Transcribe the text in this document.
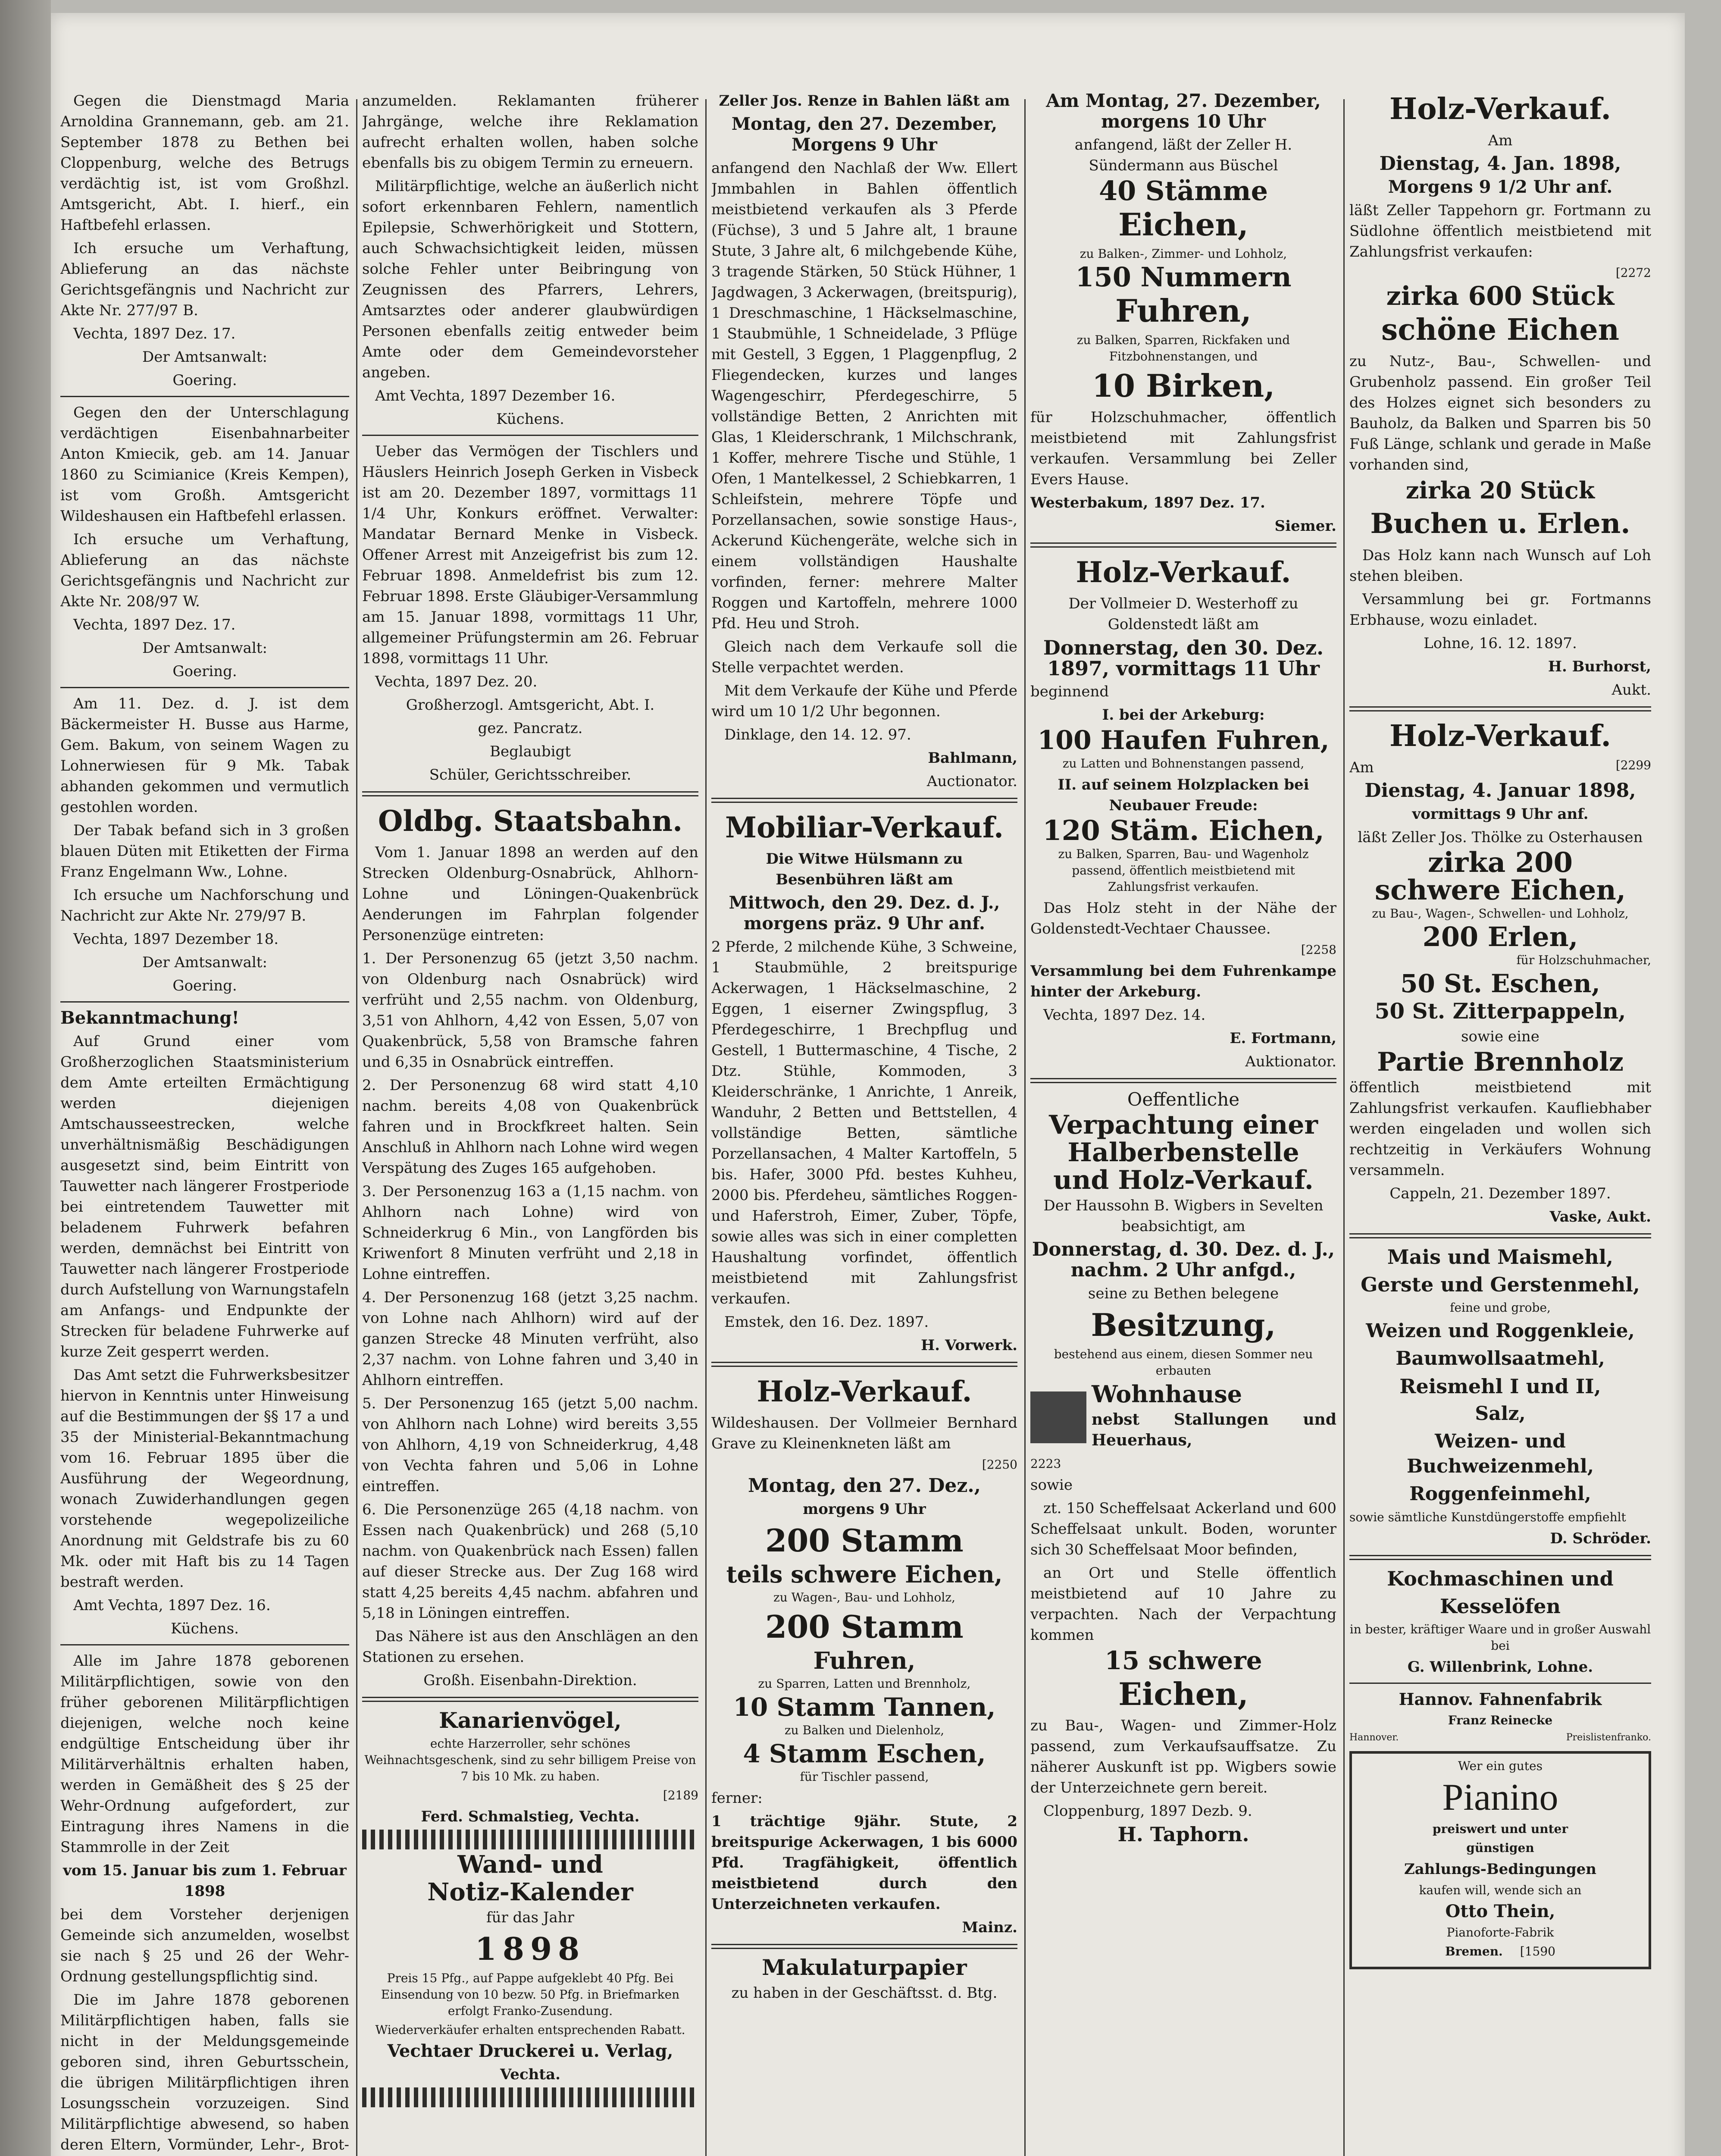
Gegen die Dienstmagd Maria Arnoldina Grannemann, geb. am 21. September 1878 zu Bethen bei Cloppenburg, welche des Betrugs verdächtig ist, ist vom Großhzl. Amtsgericht, Abt. I. hierf., ein Haftbefehl erlassen.

Ich ersuche um Verhaftung, Ablieferung an das nächste Gerichtsgefängnis und Nachricht zur Akte Nr. 277/97 B.

Vechta, 1897 Dez. 17.

Der Amtsanwalt:

Goering.

Gegen den der Unterschlagung verdächtigen Eisenbahnarbeiter Anton Kmiecik, geb. am 14. Januar 1860 zu Scimianice (Kreis Kempen), ist vom Großh. Amtsgericht Wildeshausen ein Haftbefehl erlassen.

Ich ersuche um Verhaftung, Ablieferung an das nächste Gerichtsgefängnis und Nachricht zur Akte Nr. 208/97 W.

Vechta, 1897 Dez. 17.

Der Amtsanwalt:

Goering.

Am 11. Dez. d. J. ist dem Bäckermeister H. Busse aus Harme, Gem. Bakum, von seinem Wagen zu Lohnerwiesen für 9 Mk. Tabak abhanden gekommen und vermutlich gestohlen worden.

Der Tabak befand sich in 3 großen blauen Düten mit Etiketten der Firma Franz Engelmann Ww., Lohne.

Ich ersuche um Nachforschung und Nachricht zur Akte Nr. 279/97 B.

Vechta, 1897 Dezember 18.

Der Amtsanwalt:

Goering.

Bekanntmachung!

Auf Grund einer vom Großherzoglichen Staatsministerium dem Amte erteilten Ermächtigung werden diejenigen Amtschausseestrecken, welche unverhältnismäßig Beschädigungen ausgesetzt sind, beim Eintritt von Tauwetter nach längerer Frostperiode bei eintretendem Tauwetter mit beladenem Fuhrwerk befahren werden, demnächst bei Eintritt von Tauwetter nach längerer Frostperiode durch Aufstellung von Warnungstafeln am Anfangs- und Endpunkte der Strecken für beladene Fuhrwerke auf kurze Zeit gesperrt werden.

Das Amt setzt die Fuhrwerksbesitzer hiervon in Kenntnis unter Hinweisung auf die Bestimmungen der §§ 17 a und 35 der Ministerial-Bekanntmachung vom 16. Februar 1895 über die Ausführung der Wegeordnung, wonach Zuwiderhandlungen gegen vorstehende wegepolizeiliche Anordnung mit Geldstrafe bis zu 60 Mk. oder mit Haft bis zu 14 Tagen bestraft werden.

Amt Vechta, 1897 Dez. 16.

Küchens.

Alle im Jahre 1878 geborenen Militärpflichtigen, sowie von den früher geborenen Militärpflichtigen diejenigen, welche noch keine endgültige Entscheidung über ihr Militärverhältnis erhalten haben, werden in Gemäßheit des § 25 der Wehr-Ordnung aufgefordert, zur Eintragung ihres Namens in die Stammrolle in der Zeit

vom 15. Januar bis zum 1. Februar 1898

bei dem Vorsteher derjenigen Gemeinde sich anzumelden, woselbst sie nach § 25 und 26 der Wehr-Ordnung gestellungspflichtig sind.

Die im Jahre 1878 geborenen Militärpflichtigen haben, falls sie nicht in der Meldungsgemeinde geboren sind, ihren Geburtsschein, die übrigen Militärpflichtigen ihren Losungsschein vorzuzeigen. Sind Militärpflichtige abwesend, so haben deren Eltern, Vormünder, Lehr-, Brot-

anzumelden. Reklamanten früherer Jahrgänge, welche ihre Reklamation aufrecht erhalten wollen, haben solche ebenfalls bis zu obigem Termin zu erneuern.

Militärpflichtige, welche an äußerlich nicht sofort erkennbaren Fehlern, namentlich Epilepsie, Schwerhörigkeit und Stottern, auch Schwachsichtigkeit leiden, müssen solche Fehler unter Beibringung von Zeugnissen des Pfarrers, Lehrers, Amtsarztes oder anderer glaubwürdigen Personen ebenfalls zeitig entweder beim Amte oder dem Gemeindevorsteher angeben.

Amt Vechta, 1897 Dezember 16.

Küchens.

Ueber das Vermögen der Tischlers und Häuslers Heinrich Joseph Gerken in Visbeck ist am 20. Dezember 1897, vormittags 11 1/4 Uhr, Konkurs eröffnet. Verwalter: Mandatar Bernard Menke in Visbeck. Offener Arrest mit Anzeigefrist bis zum 12. Februar 1898. Anmeldefrist bis zum 12. Februar 1898. Erste Gläubiger-Versammlung am 15. Januar 1898, vormittags 11 Uhr, allgemeiner Prüfungstermin am 26. Februar 1898, vormittags 11 Uhr.

Vechta, 1897 Dez. 20.

Großherzogl. Amtsgericht, Abt. I.

gez. Pancratz.

Beglaubigt

Schüler, Gerichtsschreiber.

Oldbg. Staatsbahn.

Vom 1. Januar 1898 an werden auf den Strecken Oldenburg-Osnabrück, Ahlhorn-Lohne und Löningen-Quakenbrück Aenderungen im Fahrplan folgender Personenzüge eintreten:

1. Der Personenzug 65 (jetzt 3,50 nachm. von Oldenburg nach Osnabrück) wird verfrüht und 2,55 nachm. von Oldenburg, 3,51 von Ahlhorn, 4,42 von Essen, 5,07 von Quakenbrück, 5,58 von Bramsche fahren und 6,35 in Osnabrück eintreffen.

2. Der Personenzug 68 wird statt 4,10 nachm. bereits 4,08 von Quakenbrück fahren und in Brockfkreet halten. Sein Anschluß in Ahlhorn nach Lohne wird wegen Verspätung des Zuges 165 aufgehoben.

3. Der Personenzug 163 a (1,15 nachm. von Ahlhorn nach Lohne) wird von Schneiderkrug 6 Min., von Langförden bis Kriwenfort 8 Minuten verfrüht und 2,18 in Lohne eintreffen.

4. Der Personenzug 168 (jetzt 3,25 nachm. von Lohne nach Ahlhorn) wird auf der ganzen Strecke 48 Minuten verfrüht, also 2,37 nachm. von Lohne fahren und 3,40 in Ahlhorn eintreffen.

5. Der Personenzug 165 (jetzt 5,00 nachm. von Ahlhorn nach Lohne) wird bereits 3,55 von Ahlhorn, 4,19 von Schneiderkrug, 4,48 von Vechta fahren und 5,06 in Lohne eintreffen.

6. Die Personenzüge 265 (4,18 nachm. von Essen nach Quakenbrück) und 268 (5,10 nachm. von Quakenbrück nach Essen) fallen auf dieser Strecke aus. Der Zug 168 wird statt 4,25 bereits 4,45 nachm. abfahren und 5,18 in Löningen eintreffen.

Das Nähere ist aus den Anschlägen an den Stationen zu ersehen.

Großh. Eisenbahn-Direktion.

Kanarienvögel,

echte Harzerroller, sehr schönes Weihnachtsgeschenk, sind zu sehr billigem Preise von 7 bis 10 Mk. zu haben.

[2189

Ferd. Schmalstieg, Vechta.

Wand- und

Notiz-Kalender

für das Jahr

1898

Preis 15 Pfg., auf Pappe aufgeklebt 40 Pfg. Bei Einsendung von 10 bezw. 50 Pfg. in Briefmarken erfolgt Franko-Zusendung.

Wiederverkäufer erhalten entsprechenden Rabatt.

Vechtaer Druckerei u. Verlag,

Vechta.

Zeller Jos. Renze in Bahlen läßt am

Montag, den 27. Dezember, Morgens 9 Uhr

anfangend den Nachlaß der Ww. Ellert Jmmbahlen in Bahlen öffentlich meistbietend verkaufen als 3 Pferde (Füchse), 3 und 5 Jahre alt, 1 braune Stute, 3 Jahre alt, 6 milchgebende Kühe, 3 tragende Stärken, 50 Stück Hühner, 1 Jagdwagen, 3 Ackerwagen, (breitspurig), 1 Dreschmaschine, 1 Häckselmaschine, 1 Staubmühle, 1 Schneidelade, 3 Pflüge mit Gestell, 3 Eggen, 1 Plaggenpflug, 2 Fliegendecken, kurzes und langes Wagengeschirr, Pferdegeschirre, 5 vollständige Betten, 2 Anrichten mit Glas, 1 Kleiderschrank, 1 Milchschrank, 1 Koffer, mehrere Tische und Stühle, 1 Ofen, 1 Mantelkessel, 2 Schiebkarren, 1 Schleifstein, mehrere Töpfe und Porzellansachen, sowie sonstige Haus-, Ackerund Küchengeräte, welche sich in einem vollständigen Haushalte vorfinden, ferner: mehrere Malter Roggen und Kartoffeln, mehrere 1000 Pfd. Heu und Stroh.

Gleich nach dem Verkaufe soll die Stelle verpachtet werden.

Mit dem Verkaufe der Kühe und Pferde wird um 10 1/2 Uhr begonnen.

Dinklage, den 14. 12. 97.

Bahlmann,

Auctionator.

Mobiliar-Verkauf.

Die Witwe Hülsmann zu Besenbühren läßt am

Mittwoch, den 29. Dez. d. J., morgens präz. 9 Uhr anf.

2 Pferde, 2 milchende Kühe, 3 Schweine, 1 Staubmühle, 2 breitspurige Ackerwagen, 1 Häckselmaschine, 2 Eggen, 1 eiserner Zwingspflug, 3 Pferdegeschirre, 1 Brechpflug und Gestell, 1 Buttermaschine, 4 Tische, 2 Dtz. Stühle, Kommoden, 3 Kleiderschränke, 1 Anrichte, 1 Anreik, Wanduhr, 2 Betten und Bettstellen, 4 vollständige Betten, sämtliche Porzellansachen, 4 Malter Kartoffeln, 5 bis. Hafer, 3000 Pfd. bestes Kuhheu, 2000 bis. Pferdeheu, sämtliches Roggen- und Haferstroh, Eimer, Zuber, Töpfe, sowie alles was sich in einer completten Haushaltung vorfindet, öffentlich meistbietend mit Zahlungsfrist verkaufen.

Emstek, den 16. Dez. 1897.

H. Vorwerk.

Holz-Verkauf.

Wildeshausen. Der Vollmeier Bernhard Grave zu Kleinenkneten läßt am

[2250

Montag, den 27. Dez.,

morgens 9 Uhr

200 Stamm

teils schwere Eichen,

zu Wagen-, Bau- und Lohholz,

200 Stamm

Fuhren,

zu Sparren, Latten und Brennholz,

10 Stamm Tannen,

zu Balken und Dielenholz,

4 Stamm Eschen,

für Tischler passend,

ferner:

1 trächtige 9jähr. Stute, 2 breitspurige Ackerwagen, 1 bis 6000 Pfd. Tragfähigkeit, öffentlich meistbietend durch den Unterzeichneten verkaufen.

Mainz.

Makulaturpapier

zu haben in der Geschäftsst. d. Btg.

Am Montag, 27. Dezember, morgens 10 Uhr

anfangend, läßt der Zeller H. Sündermann aus Büschel

40 Stämme

Eichen,

zu Balken-, Zimmer- und Lohholz,

150 Nummern

Fuhren,

zu Balken, Sparren, Rickfaken und Fitzbohnenstangen, und

10 Birken,

für Holzschuhmacher, öffentlich meistbietend mit Zahlungsfrist verkaufen. Versammlung bei Zeller Evers Hause.

Westerbakum, 1897 Dez. 17.

Siemer.

Holz-Verkauf.

Der Vollmeier D. Westerhoff zu Goldenstedt läßt am

Donnerstag, den 30. Dez. 1897, vormittags 11 Uhr

beginnend

I. bei der Arkeburg:

100 Haufen Fuhren,

zu Latten und Bohnenstangen passend,

II. auf seinem Holzplacken bei Neubauer Freude:

120 Stäm. Eichen,

zu Balken, Sparren, Bau- und Wagenholz passend, öffentlich meistbietend mit Zahlungsfrist verkaufen.

Das Holz steht in der Nähe der Goldenstedt-Vechtaer Chaussee.

[2258

Versammlung bei dem Fuhrenkampe hinter der Arkeburg.

Vechta, 1897 Dez. 14.

E. Fortmann,

Auktionator.

Oeffentliche

Verpachtung einer

Halberbenstelle

und Holz-Verkauf.

Der Haussohn B. Wigbers in Sevelten beabsichtigt, am

Donnerstag, d. 30. Dez. d. J., nachm. 2 Uhr anfgd.,

seine zu Bethen belegene

Besitzung,

bestehend aus einem, diesen Sommer neu erbauten

Wohnhause

nebst Stallungen und Heuerhaus,

2223

sowie

zt. 150 Scheffelsaat Ackerland und 600 Scheffelsaat unkult. Boden, worunter sich 30 Scheffelsaat Moor befinden,

an Ort und Stelle öffentlich meistbietend auf 10 Jahre zu verpachten. Nach der Verpachtung kommen

15 schwere

Eichen,

zu Bau-, Wagen- und Zimmer-Holz passend, zum Verkaufsauffsatze. Zu näherer Auskunft ist pp. Wigbers sowie der Unterzeichnete gern bereit.

Cloppenburg, 1897 Dezb. 9.

H. Taphorn.

Holz-Verkauf.

Am

Dienstag, 4. Jan. 1898,

Morgens 9 1/2 Uhr anf.

läßt Zeller Tappehorn gr. Fortmann zu Südlohne öffentlich meistbietend mit Zahlungsfrist verkaufen:

[2272

zirka 600 Stück

schöne Eichen

zu Nutz-, Bau-, Schwellen- und Grubenholz passend. Ein großer Teil des Holzes eignet sich besonders zu Bauholz, da Balken und Sparren bis 50 Fuß Länge, schlank und gerade in Maße vorhanden sind,

zirka 20 Stück

Buchen u. Erlen.

Das Holz kann nach Wunsch auf Loh stehen bleiben.

Versammlung bei gr. Fortmanns Erbhause, wozu einladet.

Lohne, 16. 12. 1897.

H. Burhorst,

Aukt.

Holz-Verkauf.

Am	[2299

Dienstag, 4. Januar 1898,

vormittags 9 Uhr anf.

läßt Zeller Jos. Thölke zu Osterhausen

zirka 200

schwere Eichen,

zu Bau-, Wagen-, Schwellen- und Lohholz,

200 Erlen,

für Holzschuhmacher,

50 St. Eschen,

50 St. Zitterpappeln,

sowie eine

Partie Brennholz

öffentlich meistbietend mit Zahlungsfrist verkaufen. Kaufliebhaber werden eingeladen und wollen sich rechtzeitig in Verkäufers Wohnung versammeln.

Cappeln, 21. Dezember 1897.

Vaske, Aukt.

Mais und Maismehl,

Gerste und Gerstenmehl,

feine und grobe,

Weizen und Roggenkleie,

Baumwollsaatmehl,

Reismehl I und II,

Salz,

Weizen- und Buchweizenmehl,

Roggenfeinmehl,

sowie sämtliche Kunstdüngerstoffe empfiehlt

D. Schröder.

Kochmaschinen und

Kesselöfen

in bester, kräftiger Waare und in großer Auswahl bei

G. Willenbrink, Lohne.

Hannov. Fahnenfabrik

Franz Reinecke

Hannover.	Preislistenfranko.

Wer ein gutes

Pianino

preiswert und unter

günstigen

Zahlungs-Bedingungen

kaufen will, wende sich an

Otto Thein,

Pianoforte-Fabrik

Bremen. [1590
